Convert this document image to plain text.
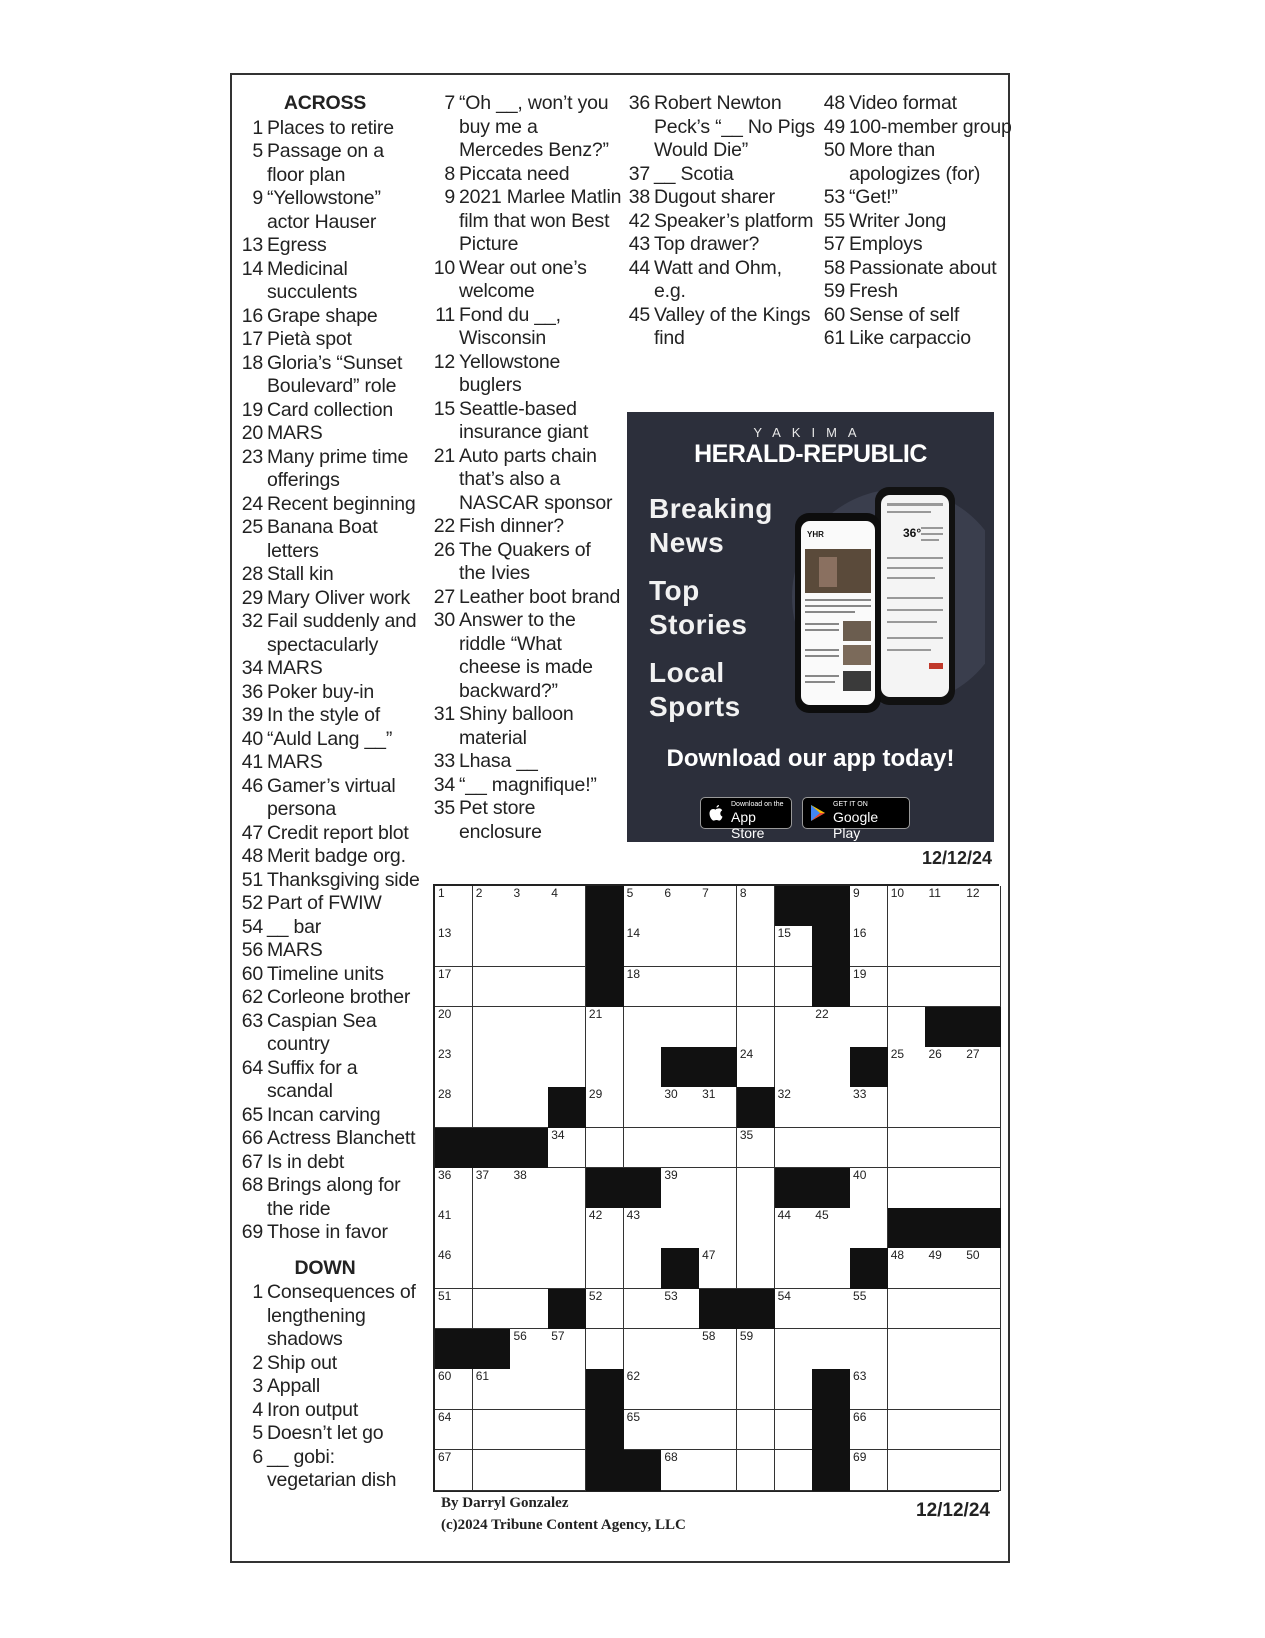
ACROSS
1 Places to retire
5 Passage on a floor plan
9 “Yellowstone” actor Hauser
13 Egress
14 Medicinal succulents
16 Grape shape
17 Pietà spot
18 Gloria’s “Sunset Boulevard” role
19 Card collection
20 MARS
23 Many prime time offerings
24 Recent beginning
25 Banana Boat letters
28 Stall kin
29 Mary Oliver work
32 Fail suddenly and spectacularly
34 MARS
36 Poker buy-in
39 In the style of
40 “Auld Lang __”
41 MARS
46 Gamer’s virtual persona
47 Credit report blot
48 Merit badge org.
51 Thanksgiving side
52 Part of FWIW
54 __ bar
56 MARS
60 Timeline units
62 Corleone brother
63 Caspian Sea country
64 Suffix for a scandal
65 Incan carving
66 Actress Blanchett
67 Is in debt
68 Brings along for the ride
69 Those in favor
DOWN
1 Consequences of lengthening shadows
2 Ship out
3 Appall
4 Iron output
5 Doesn’t let go
6 __ gobi: vegetarian dish
7 “Oh __, won’t you buy me a Mercedes Benz?”
8 Piccata need
9 2021 Marlee Matlin film that won Best Picture
10 Wear out one’s welcome
11 Fond du __, Wisconsin
12 Yellowstone buglers
15 Seattle-based insurance giant
21 Auto parts chain that’s also a NASCAR sponsor
22 Fish dinner?
26 The Quakers of the Ivies
27 Leather boot brand
30 Answer to the riddle “What cheese is made backward?”
31 Shiny balloon material
33 Lhasa __
34 “__ magnifique!”
35 Pet store enclosure
36 Robert Newton Peck’s “__ No Pigs Would Die”
37 __ Scotia
38 Dugout sharer
42 Speaker’s platform
43 Top drawer?
44 Watt and Ohm, e.g.
45 Valley of the Kings find
48 Video format
49 100-member group
50 More than apologizes (for)
53 “Get!”
55 Writer Jong
57 Employs
58 Passionate about
59 Fresh
60 Sense of self
61 Like carpaccio
YAKIMA
HERALD-REPUBLIC
Breaking News
Top Stories
Local Sports
36°
YHR
Download our app today!
Download on the
App Store
GET IT ON
Google Play
12/12/24
1	2	3	4	5	6	7	8	9	10 11 12
13	14	15	16
17	18	19
20	21	22
23	24	25 26 27
28	29	30 31	32	33
34	35
36 37 38	39	40
41	42 43	44 45
46	47	48 49 50
51	52	53	54	55
56 57	58 59
60 61	62	63
64	65	66
67	68	69
By Darryl Gonzalez
(c)2024 Tribune Content Agency, LLC
12/12/24
